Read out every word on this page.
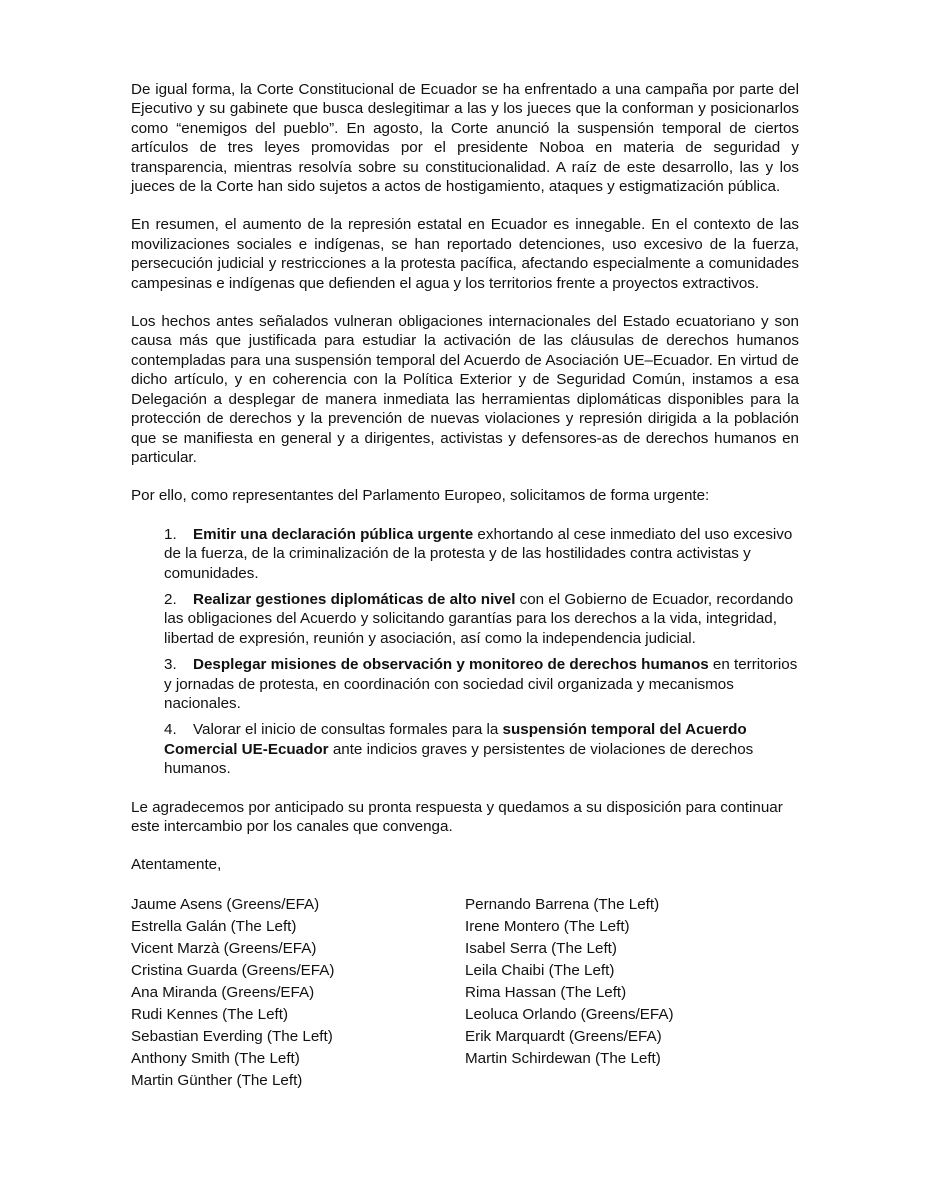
De igual forma, la Corte Constitucional de Ecuador se ha enfrentado a una campaña por parte del Ejecutivo y su gabinete que busca deslegitimar a las y los jueces que la conforman y posicionarlos como “enemigos del pueblo”. En agosto, la Corte anunció la suspensión temporal de ciertos artículos de tres leyes promovidas por el presidente Noboa en materia de seguridad y transparencia, mientras resolvía sobre su constitucionalidad. A raíz de este desarrollo, las y los jueces de la Corte han sido sujetos a actos de hostigamiento, ataques y estigmatización pública.

En resumen, el aumento de la represión estatal en Ecuador es innegable. En el contexto de las movilizaciones sociales e indígenas, se han reportado detenciones, uso excesivo de la fuerza, persecución judicial y restricciones a la protesta pacífica, afectando especialmente a comunidades campesinas e indígenas que defienden el agua y los territorios frente a proyectos extractivos.

Los hechos antes señalados vulneran obligaciones internacionales del Estado ecuatoriano y son causa más que justificada para estudiar la activación de las cláusulas de derechos humanos contempladas para una suspensión temporal del Acuerdo de Asociación UE–Ecuador. En virtud de dicho artículo, y en coherencia con la Política Exterior y de Seguridad Común, instamos a esa Delegación a desplegar de manera inmediata las herramientas diplomáticas disponibles para la protección de derechos y la prevención de nuevas violaciones y represión dirigida a la población que se manifiesta en general y a dirigentes, activistas y defensores-as de derechos humanos en particular.

Por ello, como representantes del Parlamento Europeo, solicitamos de forma urgente:

1. Emitir una declaración pública urgente exhortando al cese inmediato del uso excesivo de la fuerza, de la criminalización de la protesta y de las hostilidades contra activistas y comunidades.
2. Realizar gestiones diplomáticas de alto nivel con el Gobierno de Ecuador, recordando las obligaciones del Acuerdo y solicitando garantías para los derechos a la vida, integridad, libertad de expresión, reunión y asociación, así como la independencia judicial.
3. Desplegar misiones de observación y monitoreo de derechos humanos en territorios y jornadas de protesta, en coordinación con sociedad civil organizada y mecanismos nacionales.
4. Valorar el inicio de consultas formales para la suspensión temporal del Acuerdo Comercial UE-Ecuador ante indicios graves y persistentes de violaciones de derechos humanos.

Le agradecemos por anticipado su pronta respuesta y quedamos a su disposición para continuar este intercambio por los canales que convenga.

Atentamente,

Jaume Asens (Greens/EFA)
Estrella Galán (The Left)
Vicent Marzà (Greens/EFA)
Cristina Guarda (Greens/EFA)
Ana Miranda (Greens/EFA)
Rudi Kennes (The Left)
Sebastian Everding (The Left)
Anthony Smith (The Left)
Martin Günther (The Left)
Pernando Barrena (The Left)
Irene Montero (The Left)
Isabel Serra (The Left)
Leila Chaibi (The Left)
Rima Hassan (The Left)
Leoluca Orlando (Greens/EFA)
Erik Marquardt (Greens/EFA)
Martin Schirdewan (The Left)
